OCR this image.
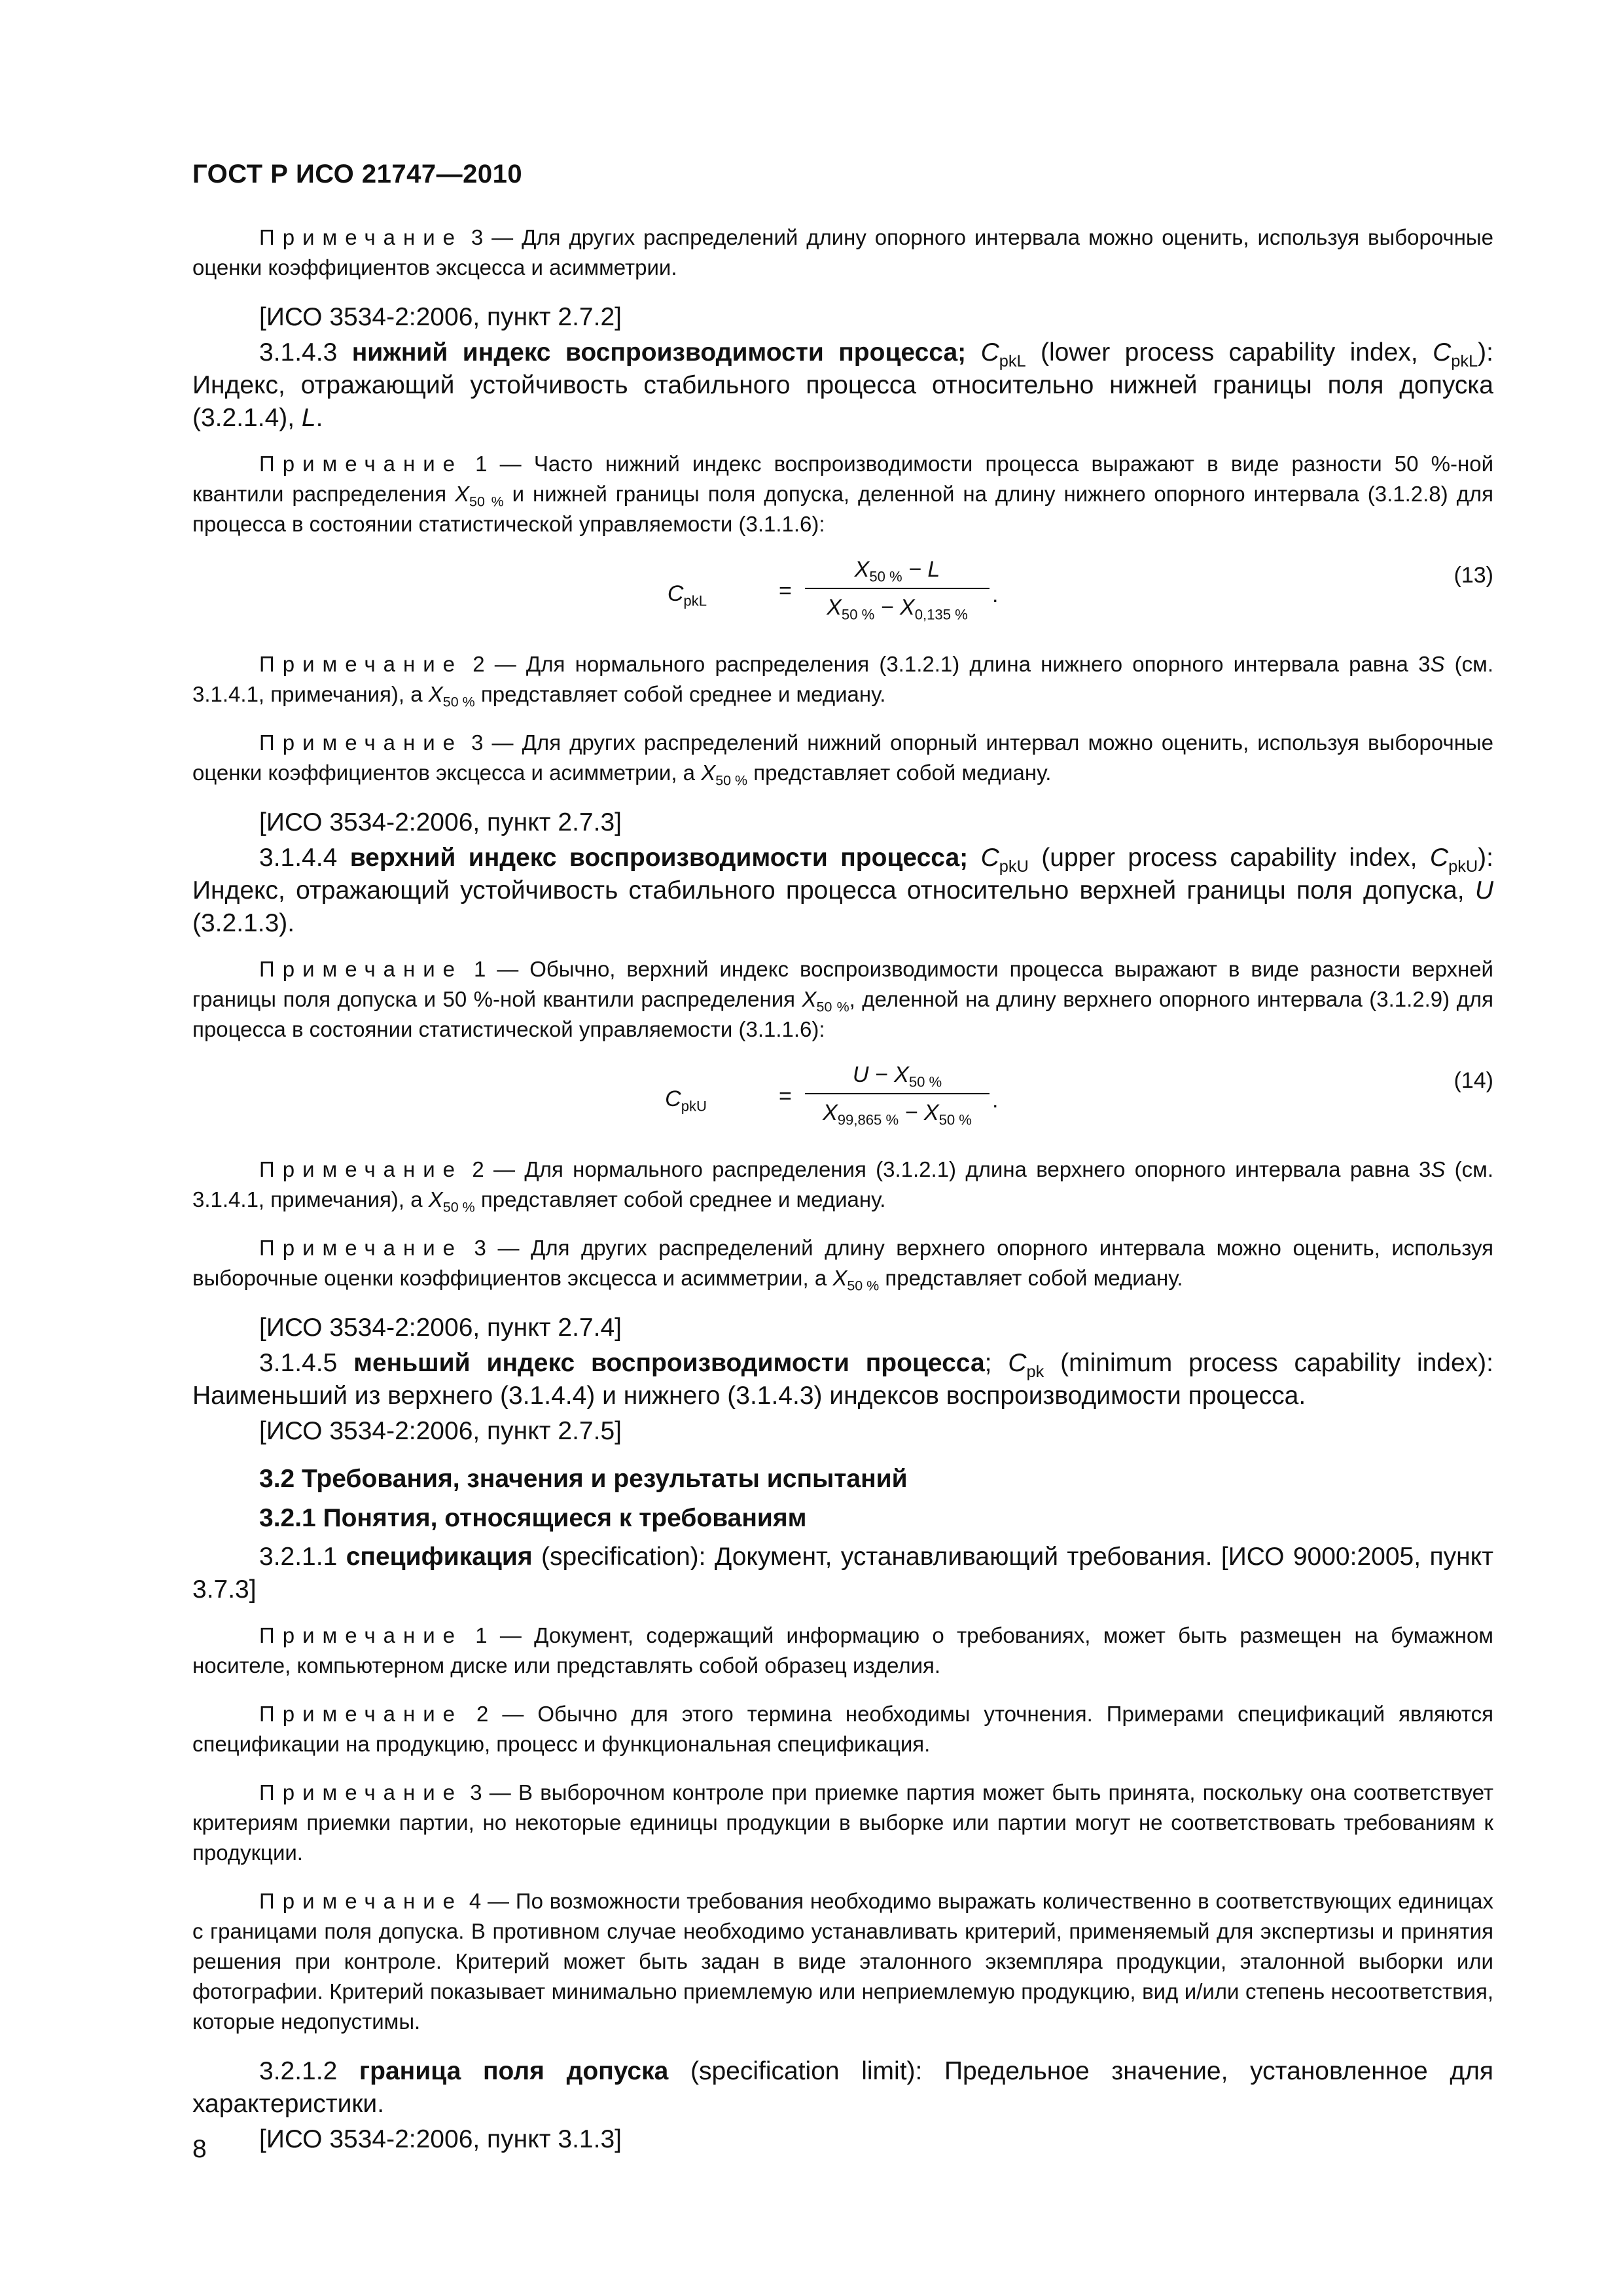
ГОСТ Р ИСО 21747—2010

Примечание 3 — Для других распределений длину опорного интервала можно оценить, используя выборочные оценки коэффициентов эксцесса и асимметрии.

[ИСО 3534-2:2006, пункт 2.7.2]

3.1.4.3 нижний индекс воспроизводимости процесса; $C_{pkL}$ (lower process capability index, $C_{pkL}$): Индекс, отражающий устойчивость стабильного процесса относительно нижней границы поля допуска (3.2.1.4), L.

Примечание 1 — Часто нижний индекс воспроизводимости процесса выражают в виде разности 50 %-ной квантили распределения $X_{50 \%}$ и нижней границы поля допуска, деленной на длину нижнего опорного интервала (3.1.2.8) для процесса в состоянии статистической управляемости (3.1.1.6):

$C_{pkL}$	=
$X_{50 \%} - L$
$X_{50 \%} - X_{0,135 \%}$
.
(13)

Примечание 2 — Для нормального распределения (3.1.2.1) длина нижнего опорного интервала равна 3S (см. 3.1.4.1, примечания), а $X_{50 \%}$ представляет собой среднее и медиану.

Примечание 3 — Для других распределений нижний опорный интервал можно оценить, используя выборочные оценки коэффициентов эксцесса и асимметрии, а $X_{50 \%}$ представляет собой медиану.

[ИСО 3534-2:2006, пункт 2.7.3]

3.1.4.4 верхний индекс воспроизводимости процесса; $C_{pkU}$ (upper process capability index, $C_{pkU}$): Индекс, отражающий устойчивость стабильного процесса относительно верхней границы поля допуска, U (3.2.1.3).

Примечание 1 — Обычно, верхний индекс воспроизводимости процесса выражают в виде разности верхней границы поля допуска и 50 %-ной квантили распределения $X_{50 \%}$, деленной на длину верхнего опорного интервала (3.1.2.9) для процесса в состоянии статистической управляемости (3.1.1.6):

$C_{pkU}$	=
$U - X_{50 \%}$
$X_{99,865 \%} - X_{50 \%}$
.
(14)

Примечание 2 — Для нормального распределения (3.1.2.1) длина верхнего опорного интервала равна 3S (см. 3.1.4.1, примечания), а $X_{50 \%}$ представляет собой среднее и медиану.

Примечание 3 — Для других распределений длину верхнего опорного интервала можно оценить, используя выборочные оценки коэффициентов эксцесса и асимметрии, а $X_{50 \%}$ представляет собой медиану.

[ИСО 3534-2:2006, пункт 2.7.4]

3.1.4.5 меньший индекс воспроизводимости процесса; $C_{pk}$ (minimum process capability index): Наименьший из верхнего (3.1.4.4) и нижнего (3.1.4.3) индексов воспроизводимости процесса.

[ИСО 3534-2:2006, пункт 2.7.5]

3.2 Требования, значения и результаты испытаний

3.2.1 Понятия, относящиеся к требованиям

3.2.1.1 спецификация (specification): Документ, устанавливающий требования. [ИСО 9000:2005, пункт 3.7.3]

Примечание 1 — Документ, содержащий информацию о требованиях, может быть размещен на бумажном носителе, компьютерном диске или представлять собой образец изделия.

Примечание 2 — Обычно для этого термина необходимы уточнения. Примерами спецификаций являются спецификации на продукцию, процесс и функциональная спецификация.

Примечание 3 — В выборочном контроле при приемке партия может быть принята, поскольку она соответствует критериям приемки партии, но некоторые единицы продукции в выборке или партии могут не соответствовать требованиям к продукции.

Примечание 4 — По возможности требования необходимо выражать количественно в соответствующих единицах с границами поля допуска. В противном случае необходимо устанавливать критерий, применяемый для экспертизы и принятия решения при контроле. Критерий может быть задан в виде эталонного экземпляра продукции, эталонной выборки или фотографии. Критерий показывает минимально приемлемую или неприемлемую продукцию, вид и/или степень несоответствия, которые недопустимы.

3.2.1.2 граница поля допуска (specification limit): Предельное значение, установленное для характеристики.

[ИСО 3534-2:2006, пункт 3.1.3]

8
